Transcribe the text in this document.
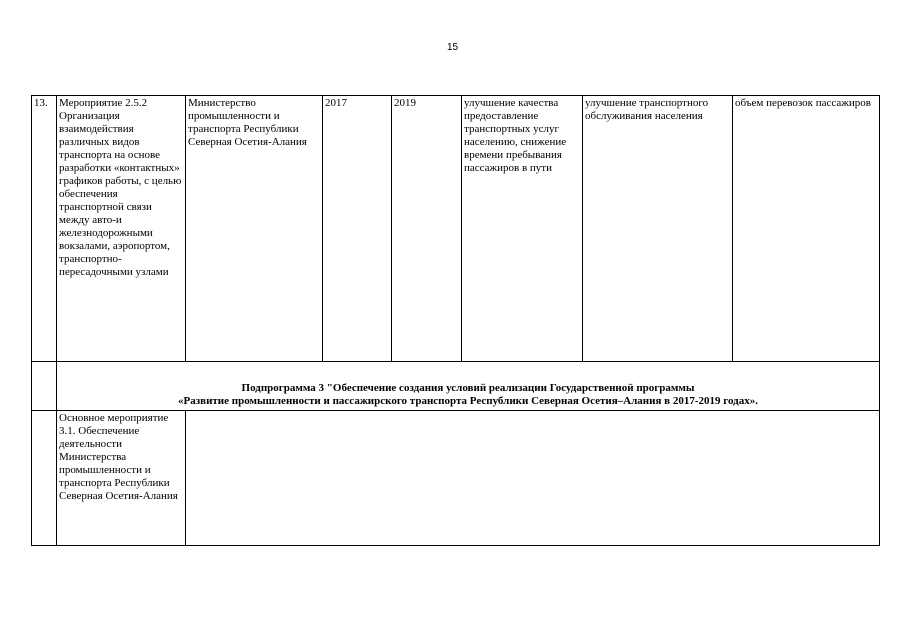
15
13.	Мероприятие 2.5.2 Организация взаимодействия различных видов транспорта на основе разработки «контактных» графиков работы, с целью обеспечения транспортной связи между авто-и железнодорожными вокзалами, аэропортом, транспортно-пересадочными узлами	Министерство промышленности и транспорта Республики Северная Осетия-Алания	2017	2019	улучшение качества предоставление транспортных услуг населению, снижение времени пребывания пассажиров в пути	улучшение транспортного обслуживания населения	объем перевозок пассажиров

	Подпрограмма 3 "Обеспечение создания условий реализации Государственной программы
«Развитие промышленности и пассажирского транспорта Республики Северная Осетия–Алания в 2017-2019 годах».						

	Основное мероприятие 3.1. Обеспечение деятельности Министерства промышленности и транспорта Республики Северная Осетия-Алания						
